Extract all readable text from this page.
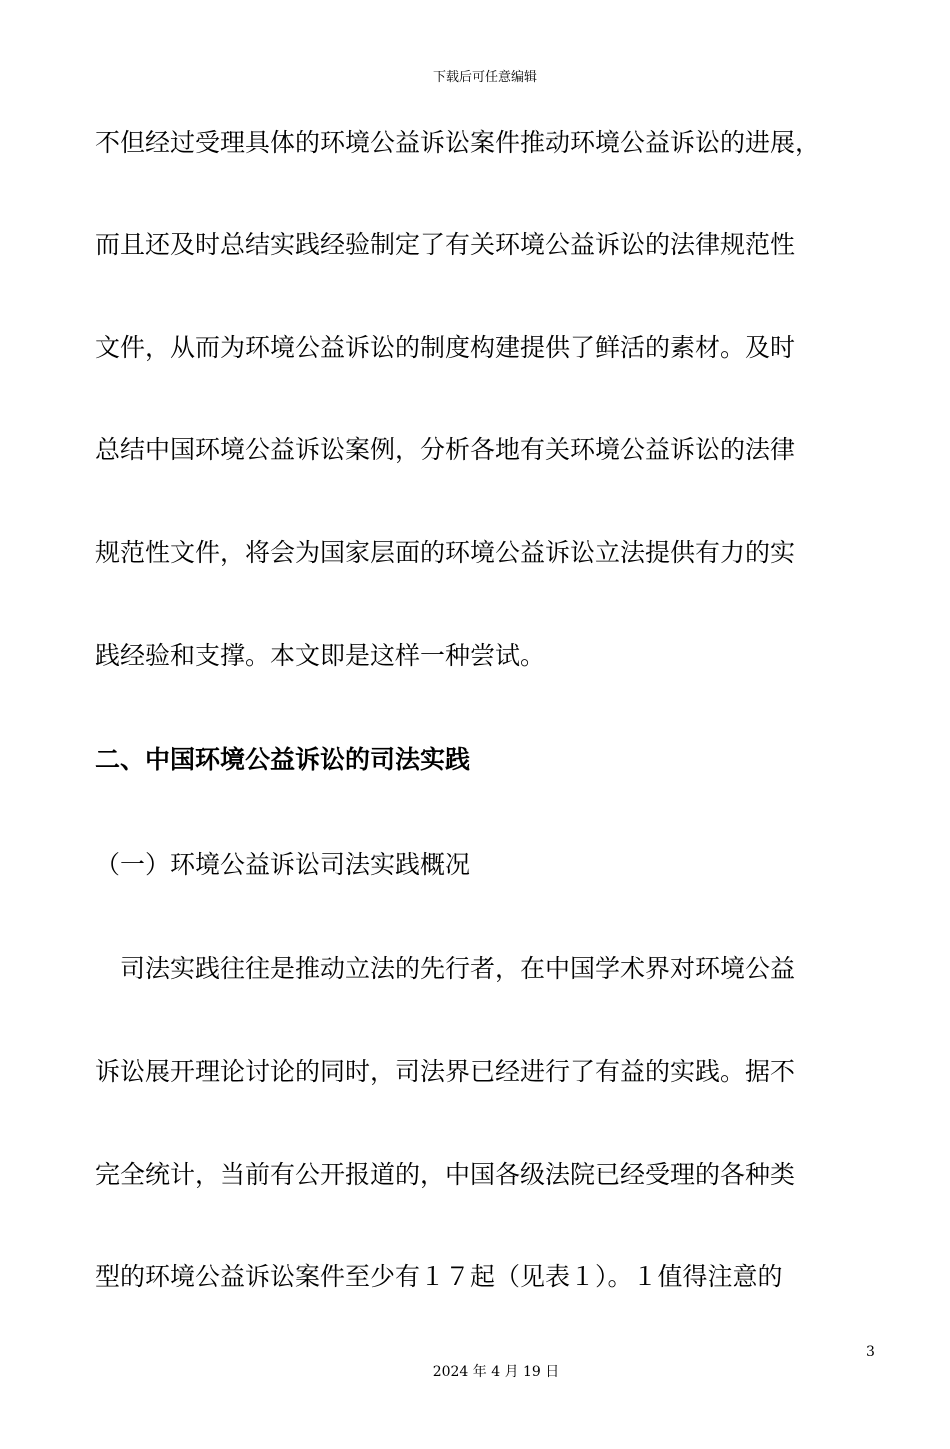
下载后可任意编辑
不但经过受理具体的环境公益诉讼案件推动环境公益诉讼的进展，
而且还及时总结实践经验制定了有关环境公益诉讼的法律规范性
文件，从而为环境公益诉讼的制度构建提供了鲜活的素材。及时
总结中国环境公益诉讼案例，分析各地有关环境公益诉讼的法律
规范性文件，将会为国家层面的环境公益诉讼立法提供有力的实
践经验和支撑。本文即是这样一种尝试。
二、中国环境公益诉讼的司法实践
（一）环境公益诉讼司法实践概况
　司法实践往往是推动立法的先行者，在中国学术界对环境公益
诉讼展开理论讨论的同时，司法界已经进行了有益的实践。据不
完全统计，当前有公开报道的，中国各级法院已经受理的各种类
型的环境公益诉讼案件至少有１７起（见表１）。１值得注意的
3
2024 年 4 月 19 日
